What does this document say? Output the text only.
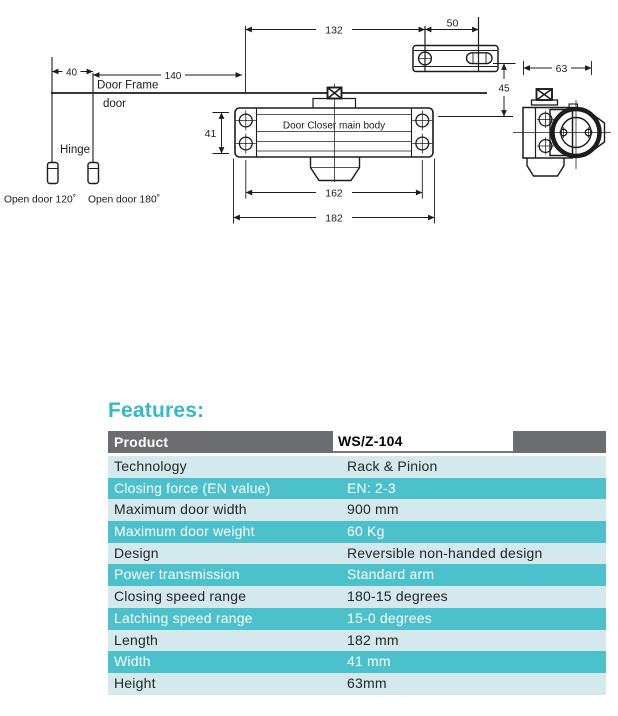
40	140
132
50
45
63
Door Closer main body
41
162
182
Door Frame
door
Hinge
Open door 120˚ Open door 180˚
Features:
Product	WS/Z-104
Technology	Rack & Pinion
Closing force (EN value)	EN: 2-3
Maximum door width	900 mm
Maximum door weight	60 Kg
Design	Reversible non-handed design
Power transmission	Standard arm
Closing speed range	180-15 degrees
Latching speed range	15-0 degrees
Length	182 mm
Width	41 mm
Height	63mm
